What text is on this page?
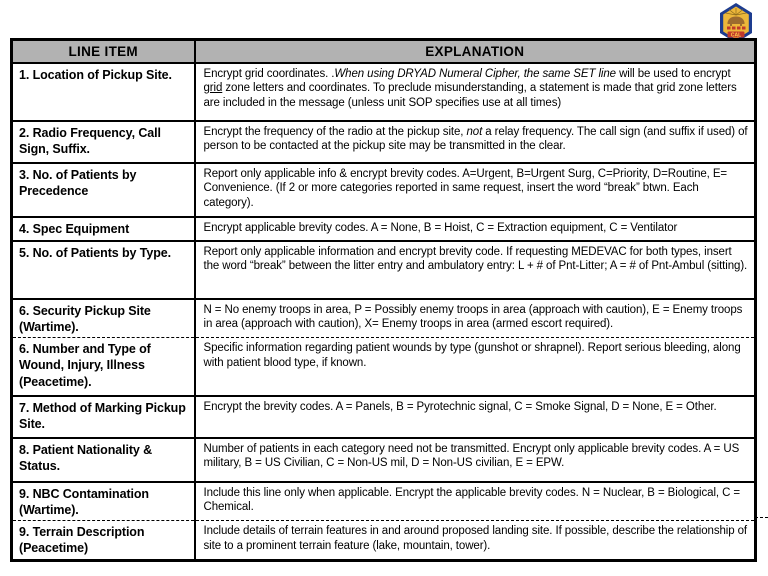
CAL
LINE ITEM	EXPLANATION
1. Location of Pickup Site.	Encrypt grid coordinates. .When using DRYAD Numeral Cipher, the same SET line will be used to encrypt grid zone letters and coordinates. To preclude misunderstanding, a statement is made that grid zone letters are included in the message (unless unit SOP specifies use at all times)
2. Radio Frequency, Call Sign, Suffix.	Encrypt the frequency of the radio at the pickup site, not a relay frequency. The call sign (and suffix if used) of person to be contacted at the pickup site may be transmitted in the clear.
3. No. of Patients by Precedence	Report only applicable info & encrypt brevity codes. A=Urgent, B=Urgent Surg, C=Priority, D=Routine, E= Convenience. (If 2 or more categories reported in same request, insert the word “break” btwn. Each category).
4. Spec Equipment	Encrypt applicable brevity codes. A = None, B = Hoist, C = Extraction equipment, C = Ventilator
5. No. of Patients by Type.	Report only applicable information and encrypt brevity code. If requesting MEDEVAC for both types, insert the word “break” between the litter entry and ambulatory entry: L + # of Pnt-Litter; A = # of Pnt-Ambul (sitting).
6. Security Pickup Site (Wartime).	N = No enemy troops in area, P = Possibly enemy troops in area (approach with caution), E = Enemy troops in area (approach with caution), X= Enemy troops in area (armed escort required).
6. Number and Type of Wound, Injury, Illness (Peacetime).	Specific information regarding patient wounds by type (gunshot or shrapnel). Report serious bleeding, along with patient blood type, if known.
7. Method of Marking Pickup Site.	Encrypt the brevity codes. A = Panels, B = Pyrotechnic signal, C = Smoke Signal, D = None, E = Other.
8. Patient Nationality & Status.	Number of patients in each category need not be transmitted. Encrypt only applicable brevity codes. A = US military, B = US Civilian, C = Non-US mil, D = Non-US civilian, E = EPW.
9. NBC Contamination (Wartime).	Include this line only when applicable. Encrypt the applicable brevity codes. N = Nuclear, B = Biological, C = Chemical.
9. Terrain Description (Peacetime)	Include details of terrain features in and around proposed landing site. If possible, describe the relationship of site to a prominent terrain feature (lake, mountain, tower).
